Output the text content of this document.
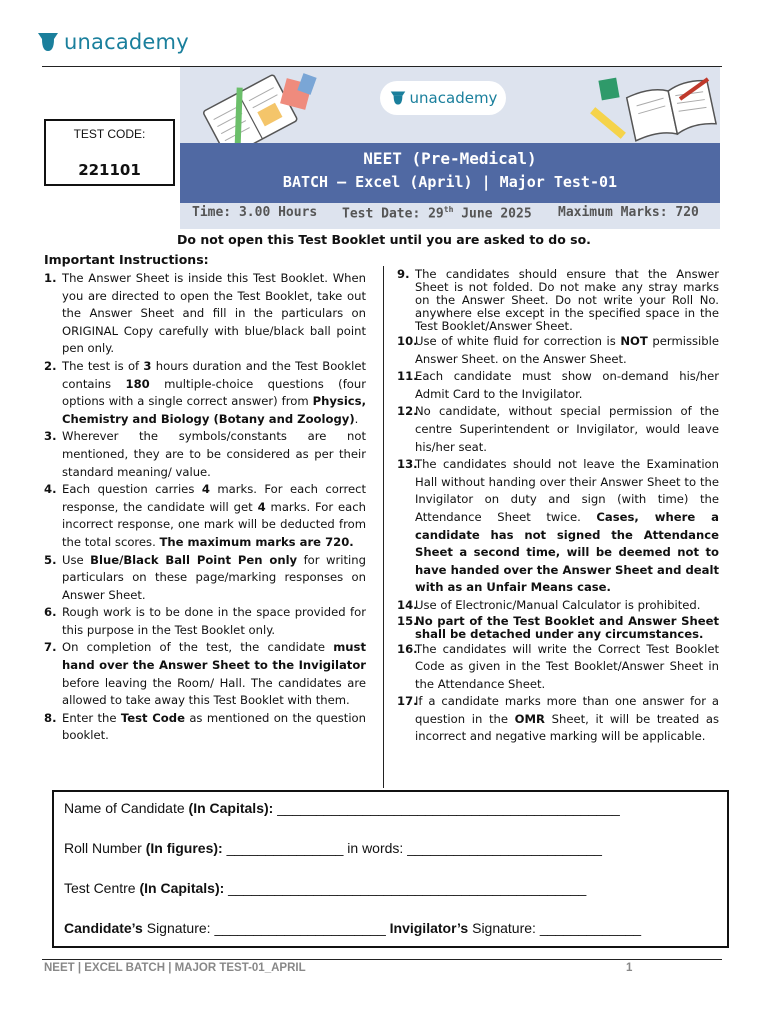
unacademy
unacademy
NEET (Pre-Medical)
BATCH – Excel (April) | Major Test-01
Time: 3.00 Hours Test Date: 29th June 2025 Maximum Marks: 720
TEST CODE:
221101
Do not open this Test Booklet until you are asked to do so.
Important Instructions:
1. The Answer Sheet is inside this Test Booklet. When you are directed to open the Test Booklet, take out the Answer Sheet and fill in the particulars on ORIGINAL Copy carefully with blue/black ball point pen only.
2. The test is of 3 hours duration and the Test Booklet contains 180 multiple-choice questions (four options with a single correct answer) from Physics, Chemistry and Biology (Botany and Zoology).
3. Wherever the symbols/constants are not mentioned, they are to be considered as per their standard meaning/ value.
4. Each question carries 4 marks. For each correct response, the candidate will get 4 marks. For each incorrect response, one mark will be deducted from the total scores. The maximum marks are 720.
5. Use Blue/Black Ball Point Pen only for writing particulars on these page/marking responses on Answer Sheet.
6. Rough work is to be done in the space provided for this purpose in the Test Booklet only.
7. On completion of the test, the candidate must hand over the Answer Sheet to the Invigilator before leaving the Room/ Hall. The candidates are allowed to take away this Test Booklet with them.
8. Enter the Test Code as mentioned on the question booklet.
9. The candidates should ensure that the Answer Sheet is not folded. Do not make any stray marks on the Answer Sheet. Do not write your Roll No. anywhere else except in the specified space in the Test Booklet/Answer Sheet.
10.
Use of white fluid for correction is NOT permissible Answer Sheet. on the Answer Sheet.
11.
Each candidate must show on-demand his/her Admit Card to the Invigilator.
12.
No candidate, without special permission of the centre Superintendent or Invigilator, would leave his/her seat.
13.
The candidates should not leave the Examination Hall without handing over their Answer Sheet to the Invigilator on duty and sign (with time) the Attendance Sheet twice. Cases, where a candidate has not signed the Attendance Sheet a second time, will be deemed not to have handed over the Answer Sheet and dealt with as an Unfair Means case.
14.
Use of Electronic/Manual Calculator is prohibited.
15.
No part of the Test Booklet and Answer Sheet shall be detached under any circumstances.
16.
The candidates will write the Correct Test Booklet Code as given in the Test Booklet/Answer Sheet in the Attendance Sheet.
17.
If a candidate marks more than one answer for a question in the OMR Sheet, it will be treated as incorrect and negative marking will be applicable.
Name of Candidate (In Capitals): ____________________________________________
Roll Number (In figures): _______________ in words: _________________________
Test Centre (In Capitals): ______________________________________________
Candidate’s Signature: ______________________ Invigilator’s Signature: _____________
NEET | EXCEL BATCH | MAJOR TEST-01_APRIL	1
